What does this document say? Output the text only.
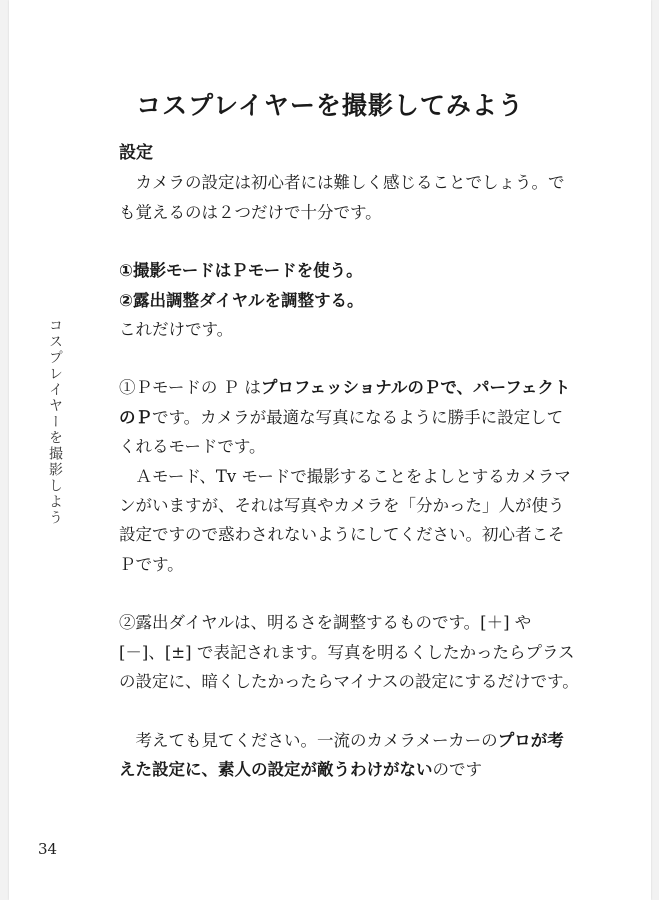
コスプレイヤーを撮影してみよう
コスプレイヤーを撮影しよう

設定

カメラの設定は初心者には難しく感じることでしょう。でも覚えるのは２つだけで十分です。

①撮影モードはＰモードを使う。

②露出調整ダイヤルを調整する。

これだけです。

①Ｐモードの Ｐ はプロフェッショナルのＰで、パーフェクトのＰです。カメラが最適な写真になるように勝手に設定してくれるモードです。

Ａモード、Tv モードで撮影することをよしとするカメラマンがいますが、それは写真やカメラを「分かった」人が使う設定ですので惑わされないようにしてください。初心者こそＰです。

②露出ダイヤルは、明るさを調整するものです。[＋] や [－]、[±] で表記されます。写真を明るくしたかったらプラスの設定に、暗くしたかったらマイナスの設定にするだけです。

考えても見てください。一流のカメラメーカーのプロが考えた設定に、素人の設定が敵うわけがないのです

34
